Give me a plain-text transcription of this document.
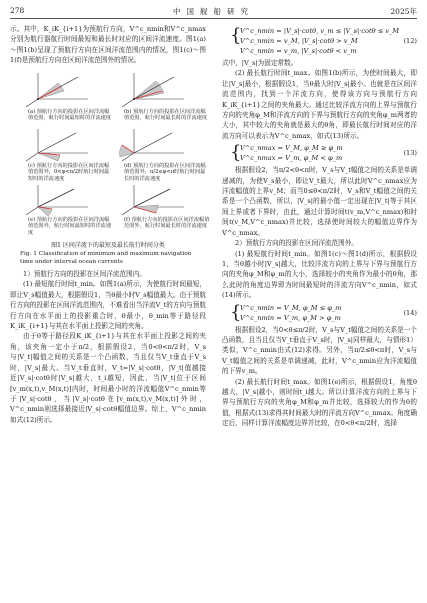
278	中国舰船研究	2025年

示。其中，K_iK_{i+1}为预航行方向，V^c_nmin和V^c_nmax分别为航行器航行时间最短和最长时对应的区间洋流速度。图1(a)～图1(b)呈现了预航行方向在区间洋流范围内的情况，图1(c)～图1(f)是预航行方向在区间洋流范围外的情况。

(a) 预航行方向的投影在区间洋流幅值范围，航行时间最短时的洋流速度
(b) 预航行方向的投影在区间洋流幅值范围，航行时间最长时的洋流速度
(c) 预航行方向的投影在区间洋流幅值范围外，0<φ<π/2时航行时间最短时的洋流速度
(d) 预航行方向的投影在区间洋流幅值范围外，π/2≤φ<π时航行时间最长时的洋流速度
(e) 预航行方向的投影在区间洋流幅值范围外，航行时间最短时的洋流速度
(f) 预航行方向的投影在区间洋流幅值范围外，航行时间最长时的洋流速度
图1 区间洋流下的最短及最长航行时间分类
Fig. 1 Classification of minimum and maximum navigation time under interval ocean currents

1）预航行方向的投影在区间洋流范围内。

(1) 最短航行时间t_min。如图1(a)所示，为使航行时间最短，即让V_s幅值最大，根据假设1，当θ最小时V_s幅值最大。由于预航行方向的投影在区间洋流范围内，不难看出当洋流V_t的方向与预航行方向在水平面上的投影重合时，θ最小，θ_min等于路径段K_iK_{i+1}与其在水平面上投影之间的夹角。

由于θ等于路径段K_iK_{i+1}与其在水平面上投影之间的夹角，该夹角一定小于π/2，根据假设2，当0<θ<π/2时，V_s与|V_t|幅值之间的关系是一个凸函数，当且仅当V_t垂直于V_s时，|V_s|最大。当V_t垂直时，V_t=|V_s|·cotθ，|V_t|值越接近|V_s|·cotθ时|V_s|越大，t_i越短，因此，当|V_t|位于区间[v_m(x,t),v_M(x,t)]内时，时间最小时的洋流幅值V^c_nmin等于|V_s|·cotθ，当|V_s|·cotθ在[v_m(x,t),v_M(x,t)]外时，V^c_nmin则选择最接近|V_s|·cotθ幅值边界。综上，V^c_nmin如式(12)所示。

{
V^c_nmin = |V_s|·cotθ, v_m ≤ |V_s|·cotθ ≤ v_M
V^c_nmin = v_M, |V_s|·cotθ > v_M
V^c_nmin = v_m, |V_s|·cotθ < v_m
(12)

式中，|V_s|为固定常数。

(2) 最长航行时间t_max。如图1(b)所示，为使时间最大，即让|V_s|最小，根据假设1，当θ最大时|V_s|最小。也就是在区间洋流范围内，找到一个洋流方向，使得该方向与预航行方向K_iK_{i+1}之间的夹角最大。通过比较洋流方向的上界与预航行方向的夹角φ_M和洋流方向的下界与预航行方向的夹角φ_m两者的大小，其中较大的夹角就是最大的θ角，即最长航行时间对应的洋流方向可以表示为V^c_nmax，如式(13)所示。

{
V^c_nmax = V_M, φ_M ≥ φ_m
V^c_nmax = V_m, φ_M < φ_m
(13)

根据假设2，当π/2<θ<π时，V_s与V_t幅值之间的关系是单调递减的，为使V_s最小，即让V_t最大，所以此时V^c_nmax应为洋流幅值的上界v_M；而当0≤θ<π/2时，V_s和V_t幅值之间的关系是一个凸函数，所以，|V_s|的最小值一定出现在|V_t|等于其区间上界或者下界时，由此，通过计算时间t(v_m,V^c_nmax)和时间t(v_M,V^c_nmax)并比较，选择使时间较大的幅值边界作为V^c_nmax。

2）预航行方向的投影在区间洋流范围外。

(1) 最短航行时间t_min。如图1(c)～图1(d)所示，根据假设1，当θ越小时|V_s|越大，比较洋流方向的上界与下界与预航行方向的夹角φ_M和φ_m的大小，选择较小的夹角作为最小的θ角，那么此时的角度边界即为时间最短时的洋流方向V^c_nmin，如式(14)所示。

{
V^c_nmin = V_M, φ_M ≤ φ_m
V^c_nmin = V_m, φ_M > φ_m
(14)

根据假设2，当0<θ≤π/2时，V_s与V_t幅值之间的关系是一个凸函数，且当且仅当V_t垂直于V_s时，|V_s|同样最大，与情形1）类似，V^c_nmin由式(12)求得。另外，当π/2≤θ<π时，V_s与V_t幅值之间的关系是单调递减，此时，V^c_nmin应为洋流幅值的下界v_m。

(2) 最长航行时间t_max。如图1(e)所示，根据假设1，角度θ越大，|V_s|越小，则时间t_i越大。所以计算洋流方向的上界与下界与预航行方向的夹角φ_M和φ_m并比较，选择较大的作为θ的值，根据式(13)求得其时间最大时的洋流方向V^c_nmax。角度确定后，同样计算洋流幅度边界并比较，在0<θ<π/2时，选择
